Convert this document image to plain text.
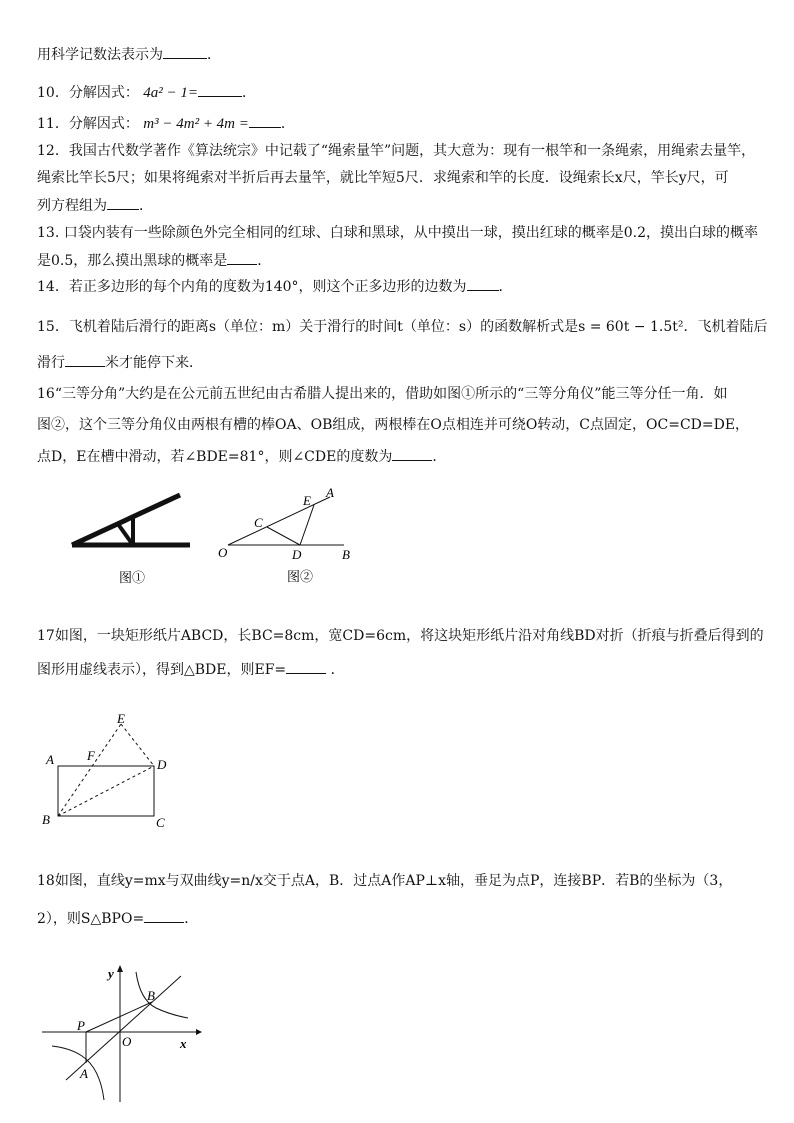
用科学记数法表示为	．
10．分解因式： 4a² − 1=	．
11．分解因式： m³ − 4m² + 4m = ．
12．我国古代数学著作《算法统宗》中记载了“绳索量竿”问题，其大意为：现有一根竿和一条绳索，用绳索去量竿，
绳索比竿长5尺；如果将绳索对半折后再去量竿，就比竿短5尺．求绳索和竿的长度．设绳索长x尺，竿长y尺，可
列方程组为 ．
13. 口袋内装有一些除颜色外完全相同的红球、白球和黑球，从中摸出一球，摸出红球的概率是0.2，摸出白球的概率
是0.5，那么摸出黑球的概率是 ．
14．若正多边形的每个内角的度数为140°，则这个正多边形的边数为 ．
15．飞机着陆后滑行的距离s（单位：m）关于滑行的时间t（单位：s）的函数解析式是s = 60t − 1.5t²．飞机着陆后
滑行	米才能停下来．
16“三等分角”大约是在公元前五世纪由古希腊人提出来的，借助如图①所示的“三等分角仪”能三等分任一角．如
图②，这个三等分角仪由两根有槽的棒OA、OB组成，两根棒在O点相连并可绕O转动，C点固定，OC=CD=DE，
点D，E在槽中滑动，若∠BDE=81°，则∠CDE的度数为	．
图①
O
C
D
E
A
B
图②
17如图，一块矩形纸片ABCD，长BC=8cm，宽CD=6cm，将这块矩形纸片沿对角线BD对折（折痕与折叠后得到的
图形用虚线表示），得到△BDE，则EF=	．
A
B	C
D
E
F
18如图，直线y=mx与双曲线y=n/x交于点A，B．过点A作AP⊥x轴，垂足为点P，连接BP．若B的坐标为（3，
2），则S△BPO=	．
y
x
O
B
P
A
